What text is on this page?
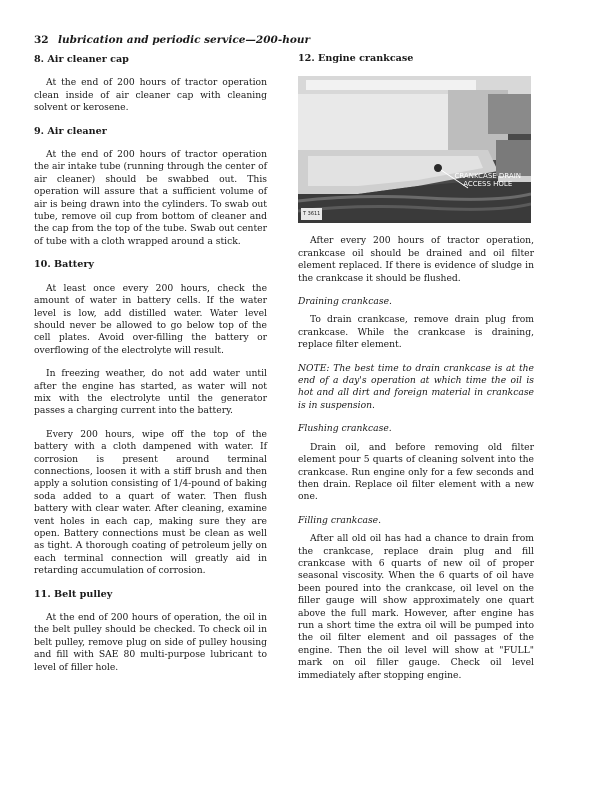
32 lubrication and periodic service—200-hour
8. Air cleaner cap

At the end of 200 hours of tractor operation clean inside of air cleaner cap with cleaning solvent or kerosene.

9. Air cleaner

At the end of 200 hours of tractor operation the air intake tube (running through the center of air cleaner) should be swabbed out. This operation will assure that a sufficient volume of air is being drawn into the cylinders. To swab out tube, remove oil cup from bottom of cleaner and the cap from the top of the tube. Swab out center of tube with a cloth wrapped around a stick.

10. Battery

At least once every 200 hours, check the amount of water in battery cells. If the water level is low, add distilled water. Water level should never be allowed to go below top of the cell plates. Avoid over-filling the battery or overflowing of the electrolyte will result.

In freezing weather, do not add water until after the engine has started, as water will not mix with the electrolyte until the generator passes a charging current into the battery.

Every 200 hours, wipe off the top of the battery with a cloth dampened with water. If corrosion is present around terminal connections, loosen it with a stiff brush and then apply a solution consisting of 1/4-pound of baking soda added to a quart of water. Then flush battery with clear water. After cleaning, examine vent holes in each cap, making sure they are open. Battery connections must be clean as well as tight. A thorough coating of petroleum jelly on each terminal connection will greatly aid in retarding accumulation of corrosion.

11. Belt pulley

At the end of 200 hours of operation, the oil in the belt pulley should be checked. To check oil in belt pulley, remove plug on side of pulley housing and fill with SAE 80 multi-purpose lubricant to level of filler hole.

12. Engine crankcase
CRANKCASE DRAIN
ACCESS HOLE
T 3611

After every 200 hours of tractor operation, crankcase oil should be drained and oil filter element replaced. If there is evidence of sludge in the crankcase it should be flushed.

Draining crankcase.

To drain crankcase, remove drain plug from crankcase. While the crankcase is draining, replace filter element.

NOTE: The best time to drain crankcase is at the end of a day's operation at which time the oil is hot and all dirt and foreign material in crankcase is in suspension.

Flushing crankcase.

Drain oil, and before removing old filter element pour 5 quarts of cleaning solvent into the crankcase. Run engine only for a few seconds and then drain. Replace oil filter element with a new one.

Filling crankcase.

After all old oil has had a chance to drain from the crankcase, replace drain plug and fill crankcase with 6 quarts of new oil of proper seasonal viscosity. When the 6 quarts of oil have been poured into the crankcase, oil level on the filler gauge will show approximately one quart above the full mark. However, after engine has run a short time the extra oil will be pumped into the oil filter element and oil passages of the engine. Then the oil level will show at "FULL" mark on oil filler gauge. Check oil level immediately after stopping engine.
